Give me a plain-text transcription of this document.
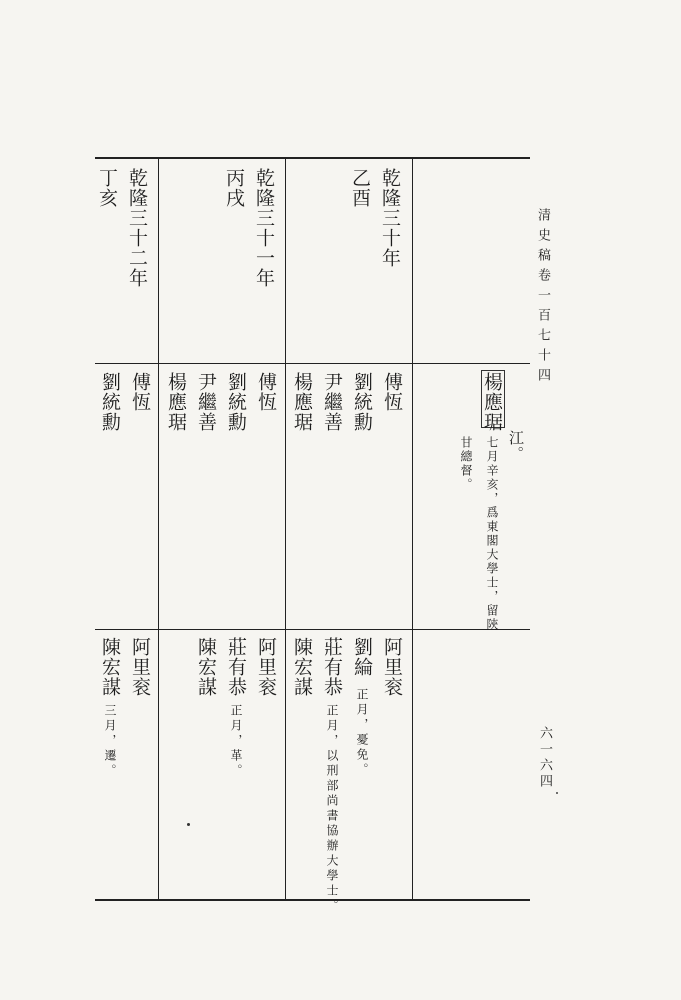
清史稿卷一百七十四
六一六四
乾隆三十年
乙酉
乾隆三十一年
丙戌
乾隆三十二年
丁亥
江。
楊應琚
七月辛亥，爲東閣大學士，留陝
甘總督。
傅恆
劉統勳
尹繼善
楊應琚
阿里衮
劉綸
正月，憂免。
莊有恭
正月，以刑部尚書協辦大學士。
陳宏謀
傅恆
劉統勳
尹繼善
楊應琚
阿里衮
莊有恭
正月，革。
陳宏謀
傅恆
劉統勳
阿里衮
陳宏謀
三月，遷。
